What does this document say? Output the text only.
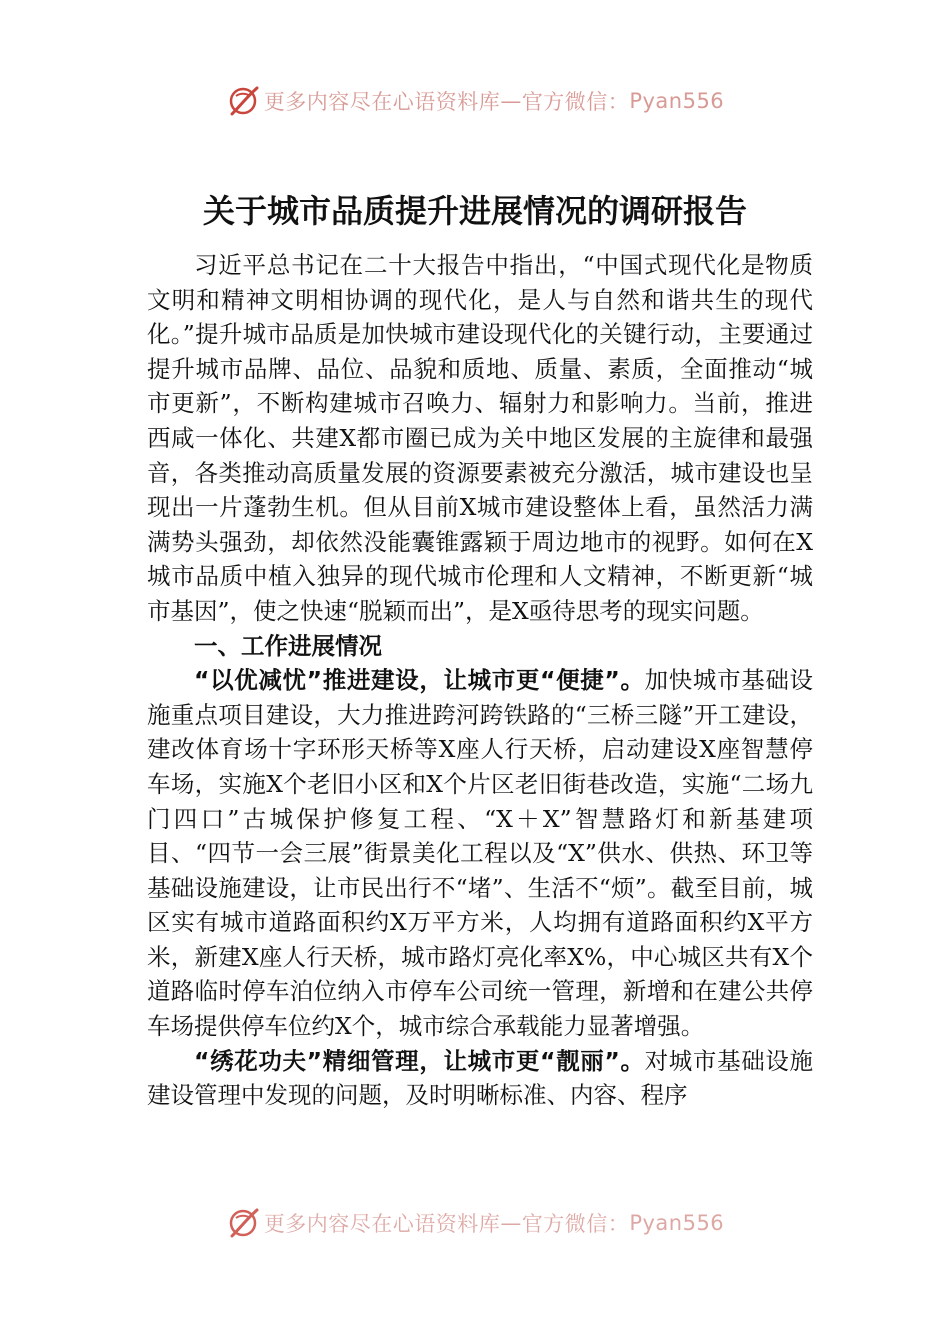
更多内容尽在心语资料库 — 官方微信： Pyan556
关于城市品质提升进展情况的调研报告

习近平总书记在二十大报告中指出，“中国式现代化是物质文明和精神文明相协调的现代化，是人与自然和谐共生的现代化。”提升城市品质是加快城市建设现代化的关键行动，主要通过提升城市品牌、品位、品貌和质地、质量、素质，全面推动“城市更新”，不断构建城市召唤力、辐射力和影响力。当前，推进西咸一体化、共建X都市圈已成为关中地区发展的主旋律和最强音，各类推动高质量发展的资源要素被充分激活，城市建设也呈现出一片蓬勃生机。但从目前X城市建设整体上看，虽然活力满满势头强劲，却依然没能囊锥露颖于周边地市的视野。如何在X城市品质中植入独异的现代城市伦理和人文精神，不断更新“城市基因”，使之快速“脱颖而出”，是X亟待思考的现实问题。

一、工作进展情况

“以优减忧”推进建设，让城市更“便捷”。加快城市基础设施重点项目建设，大力推进跨河跨铁路的“三桥三隧”开工建设，建改体育场十字环形天桥等X座人行天桥，启动建设X座智慧停车场，实施X个老旧小区和X个片区老旧街巷改造，实施“二场九门四口”古城保护修复工程、“X＋X”智慧路灯和新基建项目、“四节一会三展”街景美化工程以及“X”供水、供热、环卫等基础设施建设，让市民出行不“堵”、生活不“烦”。截至目前，城区实有城市道路面积约X万平方米，人均拥有道路面积约X平方米，新建X座人行天桥，城市路灯亮化率X%，中心城区共有X个道路临时停车泊位纳入市停车公司统一管理，新增和在建公共停车场提供停车位约X个，城市综合承载能力显著增强。

“绣花功夫”精细管理，让城市更“靓丽”。对城市基础设施建设管理中发现的问题，及时明晰标准、内容、程序

更多内容尽在心语资料库 — 官方微信： Pyan556
